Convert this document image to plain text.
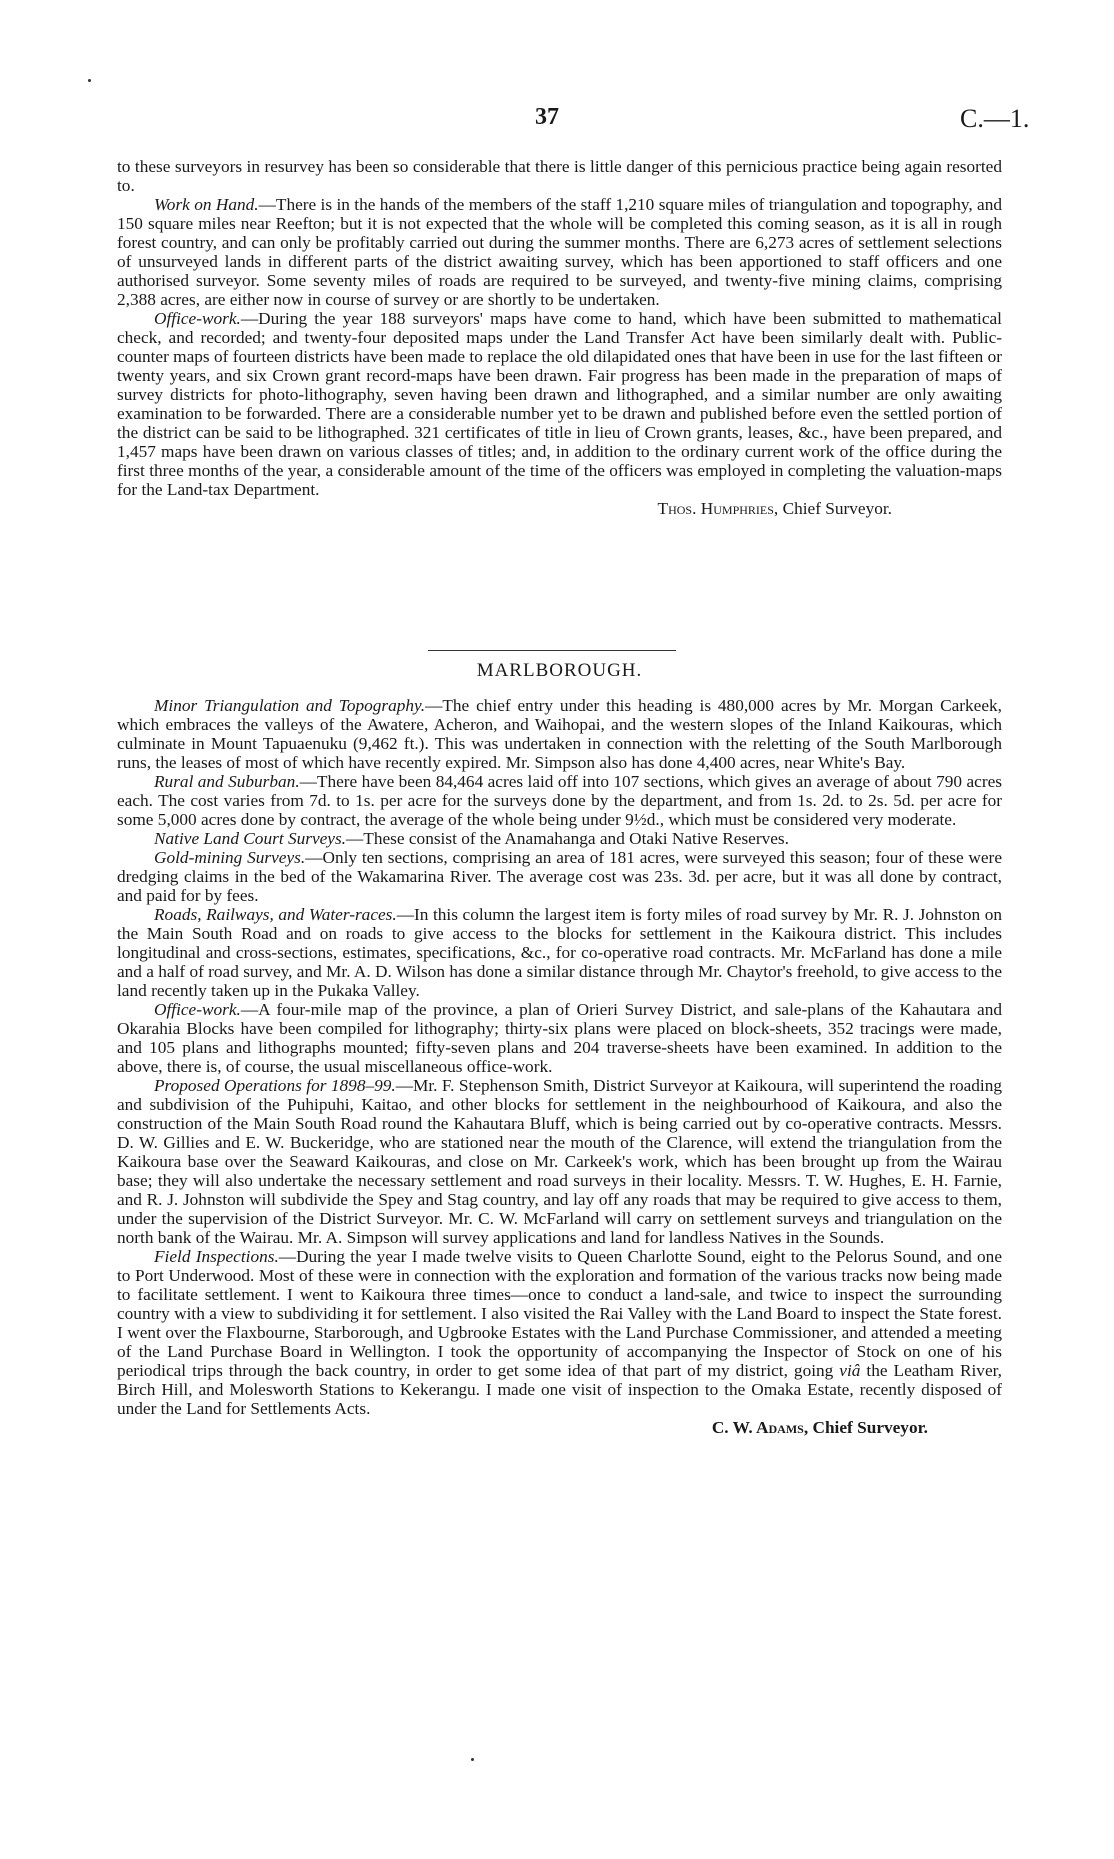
37	C.—1.

to these surveyors in resurvey has been so considerable that there is little danger of this pernicious practice being again resorted to.

Work on Hand.—There is in the hands of the members of the staff 1,210 square miles of triangulation and topography, and 150 square miles near Reefton; but it is not expected that the whole will be completed this coming season, as it is all in rough forest country, and can only be profitably carried out during the summer months. There are 6,273 acres of settlement selections of unsurveyed lands in different parts of the district awaiting survey, which has been apportioned to staff officers and one authorised surveyor. Some seventy miles of roads are required to be surveyed, and twenty-five mining claims, comprising 2,388 acres, are either now in course of survey or are shortly to be undertaken.

Office-work.—During the year 188 surveyors' maps have come to hand, which have been submitted to mathematical check, and recorded; and twenty-four deposited maps under the Land Transfer Act have been similarly dealt with. Public-counter maps of fourteen districts have been made to replace the old dilapidated ones that have been in use for the last fifteen or twenty years, and six Crown grant record-maps have been drawn. Fair progress has been made in the preparation of maps of survey districts for photo-lithography, seven having been drawn and lithographed, and a similar number are only awaiting examination to be forwarded. There are a considerable number yet to be drawn and published before even the settled portion of the district can be said to be lithographed. 321 certificates of title in lieu of Crown grants, leases, &c., have been prepared, and 1,457 maps have been drawn on various classes of titles; and, in addition to the ordinary current work of the office during the first three months of the year, a considerable amount of the time of the officers was employed in completing the valuation-maps for the Land-tax Department.

Thos. Humphries, Chief Surveyor.
MARLBOROUGH.

Minor Triangulation and Topography.—The chief entry under this heading is 480,000 acres by Mr. Morgan Carkeek, which embraces the valleys of the Awatere, Acheron, and Waihopai, and the western slopes of the Inland Kaikouras, which culminate in Mount Tapuaenuku (9,462 ft.). This was undertaken in connection with the reletting of the South Marlborough runs, the leases of most of which have recently expired. Mr. Simpson also has done 4,400 acres, near White's Bay.

Rural and Suburban.—There have been 84,464 acres laid off into 107 sections, which gives an average of about 790 acres each. The cost varies from 7d. to 1s. per acre for the surveys done by the department, and from 1s. 2d. to 2s. 5d. per acre for some 5,000 acres done by contract, the average of the whole being under 9½d., which must be considered very moderate.

Native Land Court Surveys.—These consist of the Anamahanga and Otaki Native Reserves.

Gold-mining Surveys.—Only ten sections, comprising an area of 181 acres, were surveyed this season; four of these were dredging claims in the bed of the Wakamarina River. The average cost was 23s. 3d. per acre, but it was all done by contract, and paid for by fees.

Roads, Railways, and Water-races.—In this column the largest item is forty miles of road survey by Mr. R. J. Johnston on the Main South Road and on roads to give access to the blocks for settlement in the Kaikoura district. This includes longitudinal and cross-sections, estimates, specifications, &c., for co-operative road contracts. Mr. McFarland has done a mile and a half of road survey, and Mr. A. D. Wilson has done a similar distance through Mr. Chaytor's freehold, to give access to the land recently taken up in the Pukaka Valley.

Office-work.—A four-mile map of the province, a plan of Orieri Survey District, and sale-plans of the Kahautara and Okarahia Blocks have been compiled for lithography; thirty-six plans were placed on block-sheets, 352 tracings were made, and 105 plans and lithographs mounted; fifty-seven plans and 204 traverse-sheets have been examined. In addition to the above, there is, of course, the usual miscellaneous office-work.

Proposed Operations for 1898–99.—Mr. F. Stephenson Smith, District Surveyor at Kaikoura, will superintend the roading and subdivision of the Puhipuhi, Kaitao, and other blocks for settlement in the neighbourhood of Kaikoura, and also the construction of the Main South Road round the Kahautara Bluff, which is being carried out by co-operative contracts. Messrs. D. W. Gillies and E. W. Buckeridge, who are stationed near the mouth of the Clarence, will extend the triangulation from the Kaikoura base over the Seaward Kaikouras, and close on Mr. Carkeek's work, which has been brought up from the Wairau base; they will also undertake the necessary settlement and road surveys in their locality. Messrs. T. W. Hughes, E. H. Farnie, and R. J. Johnston will subdivide the Spey and Stag country, and lay off any roads that may be required to give access to them, under the supervision of the District Surveyor. Mr. C. W. McFarland will carry on settlement surveys and triangulation on the north bank of the Wairau. Mr. A. Simpson will survey applications and land for landless Natives in the Sounds.

Field Inspections.—During the year I made twelve visits to Queen Charlotte Sound, eight to the Pelorus Sound, and one to Port Underwood. Most of these were in connection with the exploration and formation of the various tracks now being made to facilitate settlement. I went to Kaikoura three times—once to conduct a land-sale, and twice to inspect the surrounding country with a view to subdividing it for settlement. I also visited the Rai Valley with the Land Board to inspect the State forest. I went over the Flaxbourne, Starborough, and Ugbrooke Estates with the Land Purchase Commissioner, and attended a meeting of the Land Purchase Board in Wellington. I took the opportunity of accompanying the Inspector of Stock on one of his periodical trips through the back country, in order to get some idea of that part of my district, going viâ the Leatham River, Birch Hill, and Molesworth Stations to Kekerangu. I made one visit of inspection to the Omaka Estate, recently disposed of under the Land for Settlements Acts.

C. W. Adams, Chief Surveyor.
